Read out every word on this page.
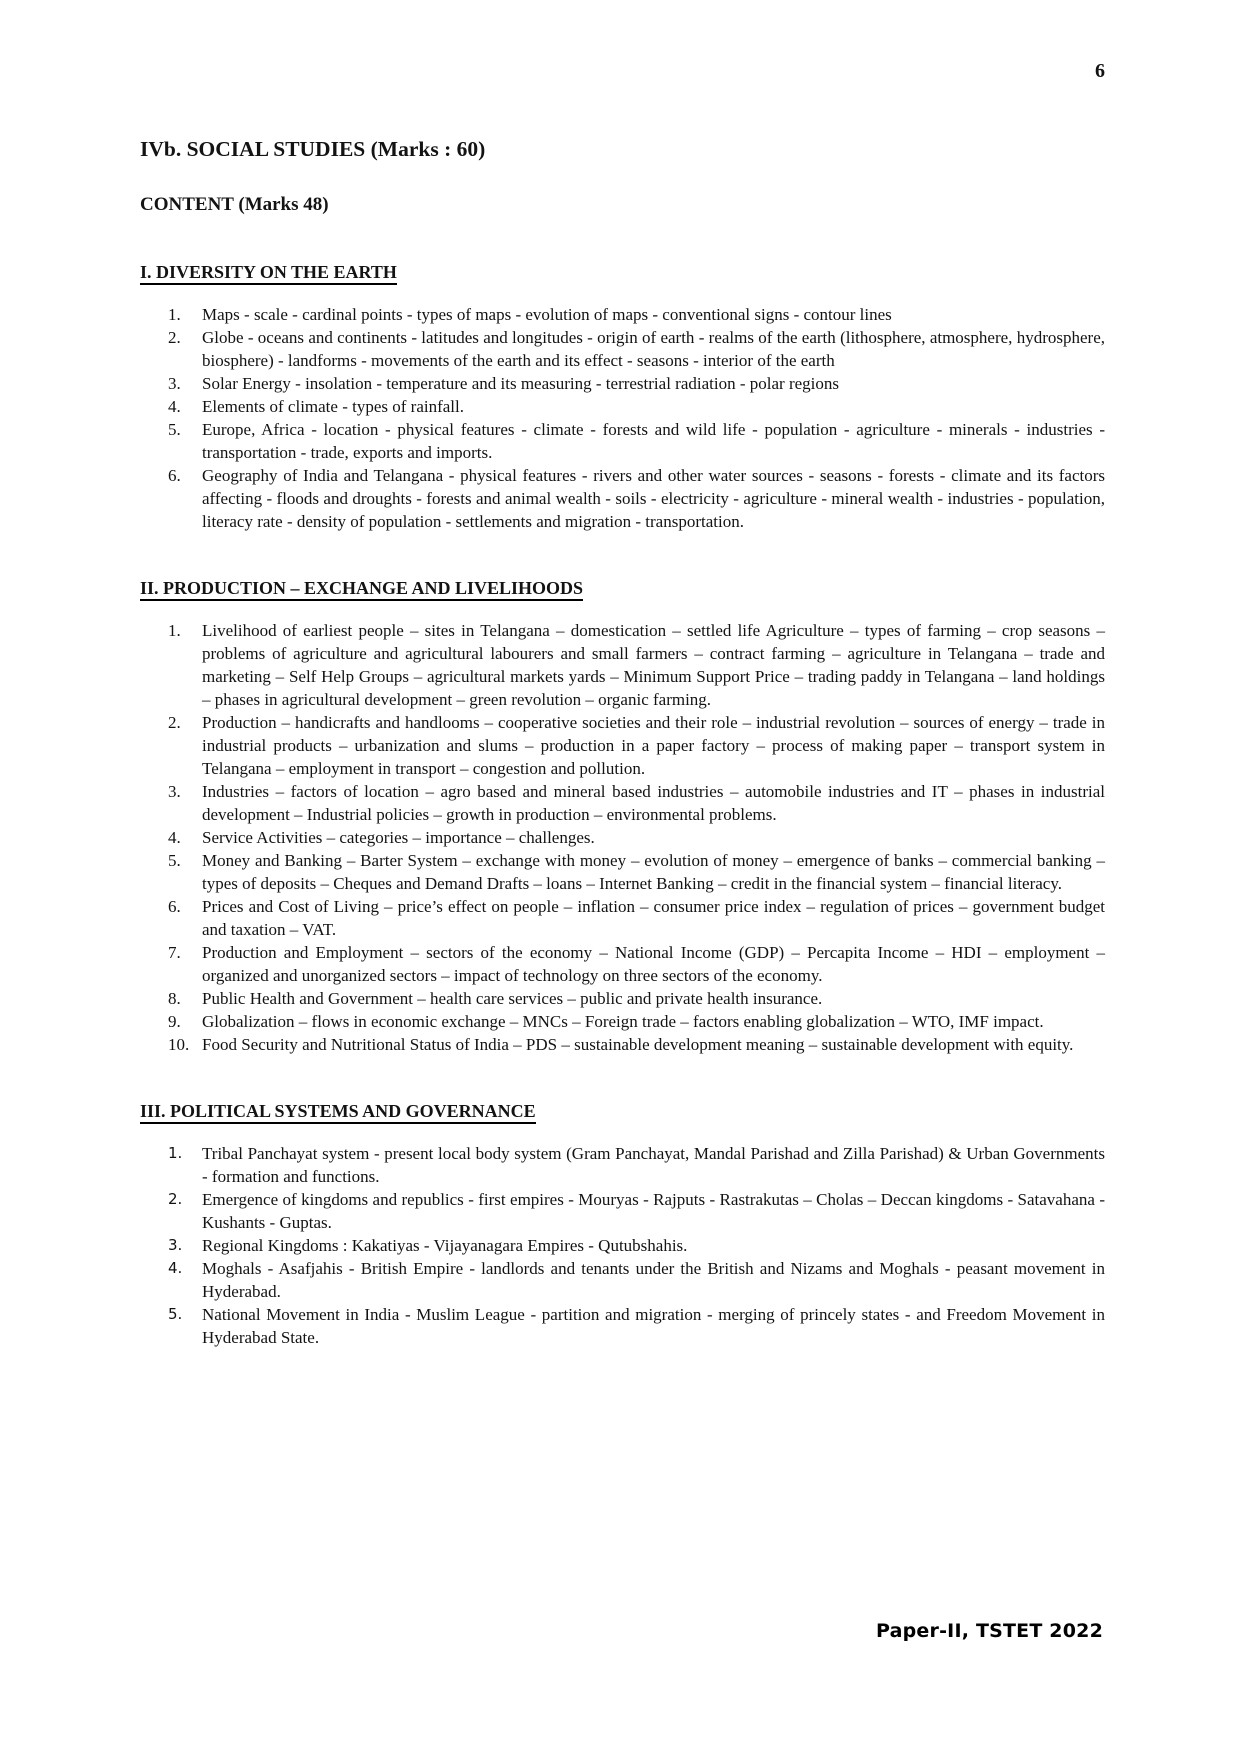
6
IVb. SOCIAL STUDIES (Marks : 60)
CONTENT (Marks 48)
I. DIVERSITY ON THE EARTH
1.	Maps - scale - cardinal points - types of maps - evolution of maps - conventional signs - contour lines
2.	Globe - oceans and continents - latitudes and longitudes - origin of earth - realms of the earth (lithosphere, atmosphere, hydrosphere, biosphere) - landforms - movements of the earth and its effect - seasons - interior of the earth
3.	Solar Energy - insolation - temperature and its measuring - terrestrial radiation - polar regions
4.	Elements of climate - types of rainfall.
5.	Europe, Africa - location - physical features - climate - forests and wild life - population - agriculture - minerals - industries - transportation - trade, exports and imports.
6.	Geography of India and Telangana - physical features - rivers and other water sources - seasons - forests - climate and its factors affecting - floods and droughts - forests and animal wealth - soils - electricity - agriculture - mineral wealth - industries - population, literacy rate - density of population - settlements and migration - transportation.
II. PRODUCTION – EXCHANGE AND LIVELIHOODS
1.	Livelihood of earliest people – sites in Telangana – domestication – settled life Agriculture – types of farming – crop seasons – problems of agriculture and agricultural labourers and small farmers – contract farming – agriculture in Telangana – trade and marketing – Self Help Groups – agricultural markets yards – Minimum Support Price – trading paddy in Telangana – land holdings – phases in agricultural development – green revolution – organic farming.
2.	Production – handicrafts and handlooms – cooperative societies and their role – industrial revolution – sources of energy – trade in industrial products – urbanization and slums – production in a paper factory – process of making paper – transport system in Telangana – employment in transport – congestion and pollution.
3.	Industries – factors of location – agro based and mineral based industries – automobile industries and IT – phases in industrial development – Industrial policies – growth in production – environmental problems.
4.	Service Activities – categories – importance – challenges.
5.	Money and Banking – Barter System – exchange with money – evolution of money – emergence of banks – commercial banking – types of deposits – Cheques and Demand Drafts – loans – Internet Banking – credit in the financial system – financial literacy.
6.	Prices and Cost of Living – price’s effect on people – inflation – consumer price index – regulation of prices – government budget and taxation – VAT.
7.	Production and Employment – sectors of the economy – National Income (GDP) – Percapita Income – HDI – employment – organized and unorganized sectors – impact of technology on three sectors of the economy.
8.	Public Health and Government – health care services – public and private health insurance.
9.	Globalization – flows in economic exchange – MNCs – Foreign trade – factors enabling globalization – WTO, IMF impact.
10. Food Security and Nutritional Status of India – PDS – sustainable development meaning – sustainable development with equity.
III. POLITICAL SYSTEMS AND GOVERNANCE
1.	Tribal Panchayat system - present local body system (Gram Panchayat, Mandal Parishad and Zilla Parishad) & Urban Governments - formation and functions.
2.	Emergence of kingdoms and republics - first empires - Mouryas - Rajputs - Rastrakutas – Cholas – Deccan kingdoms - Satavahana - Kushants - Guptas.
3.	Regional Kingdoms : Kakatiyas - Vijayanagara Empires - Qutubshahis.
4.	Moghals - Asafjahis - British Empire - landlords and tenants under the British and Nizams and Moghals - peasant movement in Hyderabad.
5.	National Movement in India - Muslim League - partition and migration - merging of princely states - and Freedom Movement in Hyderabad State.
Paper-II, TSTET 2022
